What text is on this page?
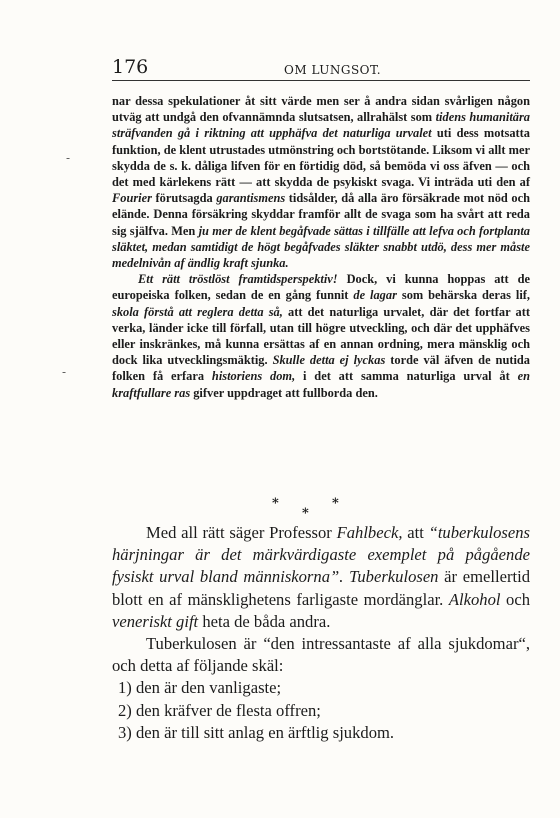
176	OM LUNGSOT.
-
-

nar dessa spekulationer åt sitt värde men ser å andra sidan svårligen någon utväg att undgå den ofvannämnda slutsatsen, allrahälst som tidens humanitära sträfvanden gå i riktning att upphäfva det naturliga urvalet uti dess motsatta funktion, de klent utrustades utmönstring och bortstötande. Liksom vi allt mer skydda de s. k. dåliga lifven för en förtidig död, så bemöda vi oss äfven — och det med kärlekens rätt — att skydda de psykiskt svaga. Vi inträda uti den af Fourier förutsagda garantismens tidsålder, då alla äro försäkrade mot nöd och elände. Denna försäkring skyddar framför allt de svaga som ha svårt att reda sig själfva. Men ju mer de klent begåfvade sättas i tillfälle att lefva och fortplanta släktet, medan samtidigt de högt begåfvades släkter snabbt utdö, dess mer måste medelnivån af ändlig kraft sjunka.

Ett rätt tröstlöst framtidsperspektiv! Dock, vi kunna hoppas att de europeiska folken, sedan de en gång funnit de lagar som behärska deras lif, skola förstå att reglera detta så, att det naturliga urvalet, där det fortfar att verka, länder icke till förfall, utan till högre utveckling, och där det upphäfves eller inskränkes, må kunna ersättas af en annan ordning, mera mänsklig och dock lika utvecklingsmäktig. Skulle detta ej lyckas torde väl äfven de nutida folken få erfara historiens dom, i det att samma naturliga urval åt en kraftfullare ras gifver uppdraget att fullborda den.

*
*
*

Med all rätt säger Professor Fahlbeck, att “tuberkulosens härjningar är det märkvärdigaste exemplet på pågående fysiskt urval bland människorna”. Tuberkulosen är emellertid blott en af mänsklighetens farligaste mordänglar. Alkohol och veneriskt gift heta de båda andra.

Tuberkulosen är “den intressantaste af alla sjukdomar“, och detta af följande skäl:

1) den är den vanligaste;
2) den kräfver de flesta offren;
3) den är till sitt anlag en ärftlig sjukdom.
